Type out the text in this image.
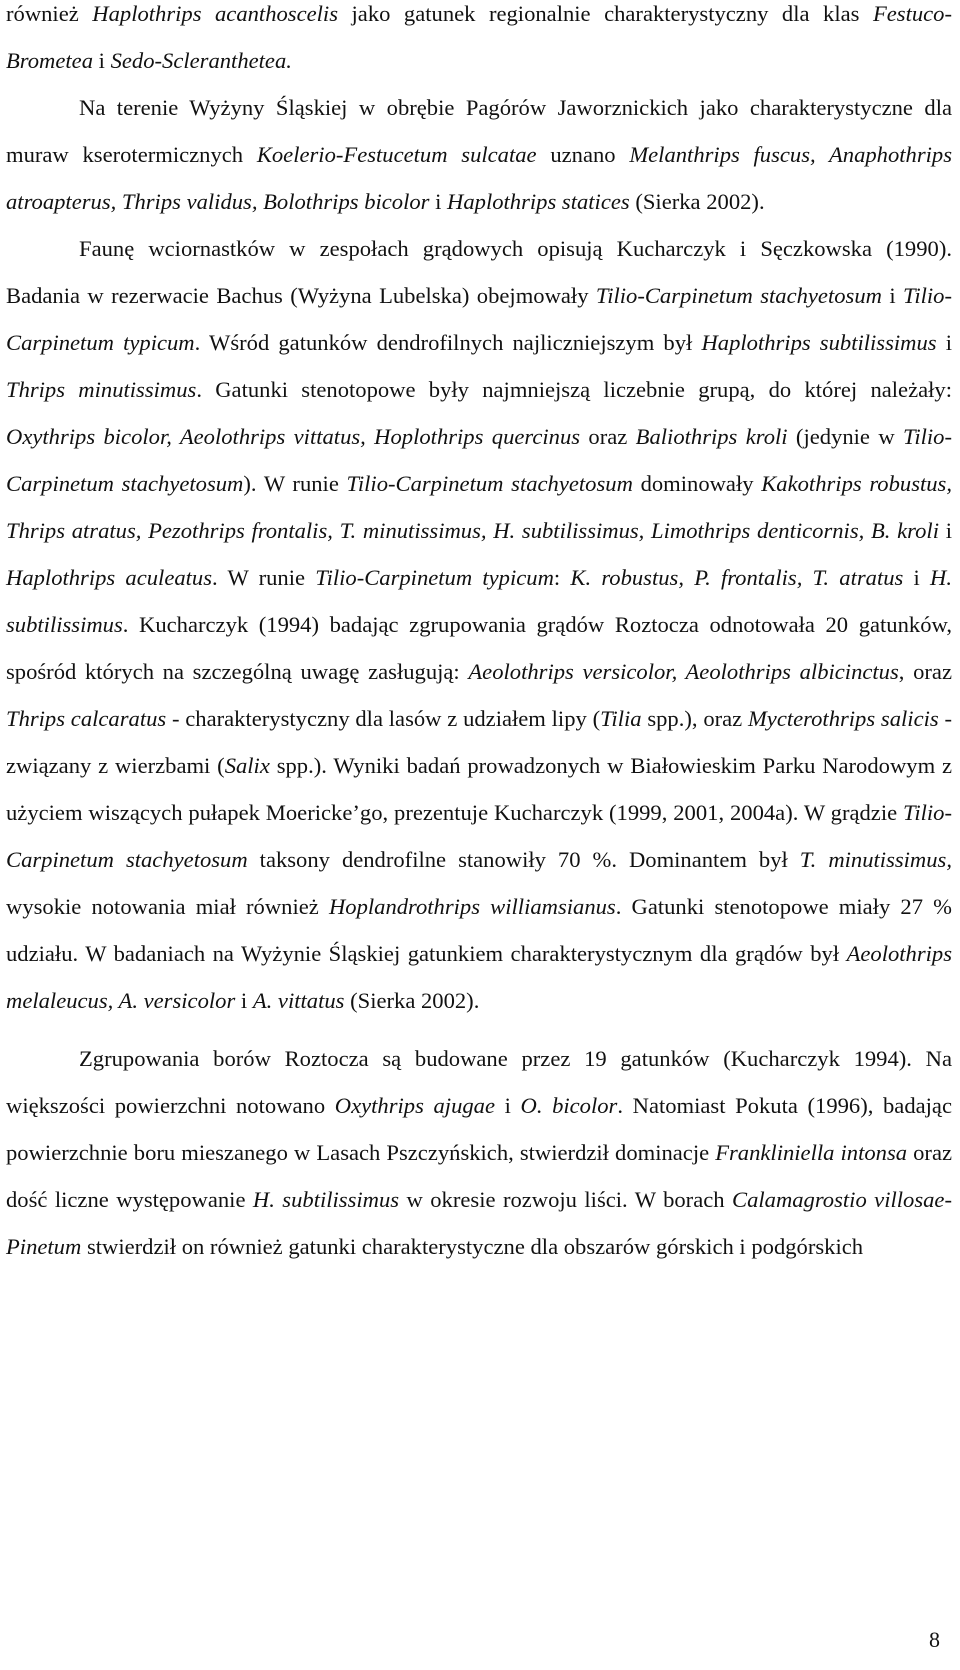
również Haplothrips acanthoscelis jako gatunek regionalnie charakterystyczny dla klas Festuco-Brometea i Sedo-Scleranthetea.

Na terenie Wyżyny Śląskiej w obrębie Pagórów Jaworznickich jako charakterystyczne dla muraw kserotermicznych Koelerio-Festucetum sulcatae uznano Melanthrips fuscus, Anaphothrips atroapterus, Thrips validus, Bolothrips bicolor i Haplothrips statices (Sierka 2002).

Faunę wciornastków w zespołach grądowych opisują Kucharczyk i Sęczkowska (1990). Badania w rezerwacie Bachus (Wyżyna Lubelska) obejmowały Tilio-Carpinetum stachyetosum i Tilio-Carpinetum typicum. Wśród gatunków dendrofilnych najliczniejszym był Haplothrips subtilissimus i Thrips minutissimus. Gatunki stenotopowe były najmniejszą liczebnie grupą, do której należały: Oxythrips bicolor, Aeolothrips vittatus, Hoplothrips quercinus oraz Baliothrips kroli (jedynie w Tilio-Carpinetum stachyetosum). W runie Tilio-Carpinetum stachyetosum dominowały Kakothrips robustus, Thrips atratus, Pezothrips frontalis, T. minutissimus, H. subtilissimus, Limothrips denticornis, B. kroli i Haplothrips aculeatus. W runie Tilio-Carpinetum typicum: K. robustus, P. frontalis, T. atratus i H. subtilissimus. Kucharczyk (1994) badając zgrupowania grądów Roztocza odnotowała 20 gatunków, spośród których na szczególną uwagę zasługują: Aeolothrips versicolor, Aeolothrips albicinctus, oraz Thrips calcaratus - charakterystyczny dla lasów z udziałem lipy (Tilia spp.), oraz Mycterothrips salicis - związany z wierzbami (Salix spp.). Wyniki badań prowadzonych w Białowieskim Parku Narodowym z użyciem wiszących pułapek Moericke’go, prezentuje Kucharczyk (1999, 2001, 2004a). W grądzie Tilio-Carpinetum stachyetosum taksony dendrofilne stanowiły 70 %. Dominantem był T. minutissimus, wysokie notowania miał również Hoplandrothrips williamsianus. Gatunki stenotopowe miały 27 % udziału. W badaniach na Wyżynie Śląskiej gatunkiem charakterystycznym dla grądów był Aeolothrips melaleucus, A. versicolor i A. vittatus (Sierka 2002).

Zgrupowania borów Roztocza są budowane przez 19 gatunków (Kucharczyk 1994). Na większości powierzchni notowano Oxythrips ajugae i O. bicolor. Natomiast Pokuta (1996), badając powierzchnie boru mieszanego w Lasach Pszczyńskich, stwierdził dominacje Frankliniella intonsa oraz dość liczne występowanie H. subtilissimus w okresie rozwoju liści. W borach Calamagrostio villosae-Pinetum stwierdził on również gatunki charakterystyczne dla obszarów górskich i podgórskich

8
